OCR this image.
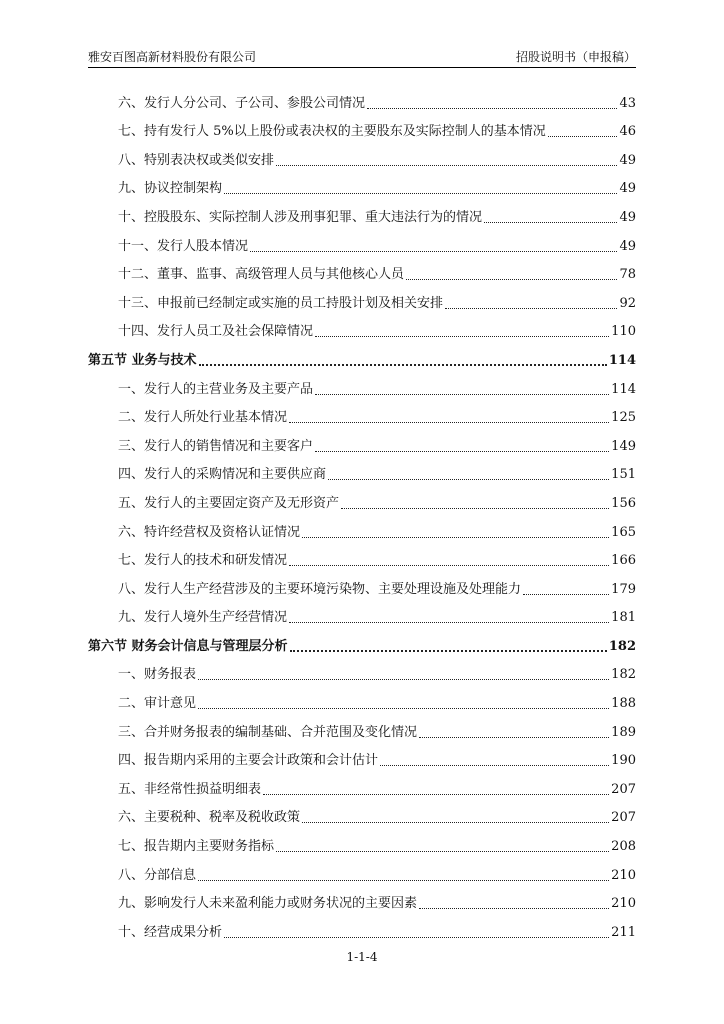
雅安百图高新材料股份有限公司	招股说明书（申报稿）
六、发行人分公司、子公司、参股公司情况	43
七、持有发行人 5%以上股份或表决权的主要股东及实际控制人的基本情况	46
八、特别表决权或类似安排	49
九、协议控制架构	49
十、控股股东、实际控制人涉及刑事犯罪、重大违法行为的情况	49
十一、发行人股本情况	49
十二、董事、监事、高级管理人员与其他核心人员	78
十三、申报前已经制定或实施的员工持股计划及相关安排	92
十四、发行人员工及社会保障情况	110
第五节 业务与技术	114
一、发行人的主营业务及主要产品	114
二、发行人所处行业基本情况	125
三、发行人的销售情况和主要客户	149
四、发行人的采购情况和主要供应商	151
五、发行人的主要固定资产及无形资产	156
六、特许经营权及资格认证情况	165
七、发行人的技术和研发情况	166
八、发行人生产经营涉及的主要环境污染物、主要处理设施及处理能力	179
九、发行人境外生产经营情况	181
第六节 财务会计信息与管理层分析	182
一、财务报表	182
二、审计意见	188
三、合并财务报表的编制基础、合并范围及变化情况	189
四、报告期内采用的主要会计政策和会计估计	190
五、非经常性损益明细表	207
六、主要税种、税率及税收政策	207
七、报告期内主要财务指标	208
八、分部信息	210
九、影响发行人未来盈利能力或财务状况的主要因素	210
十、经营成果分析	211
1-1-4
